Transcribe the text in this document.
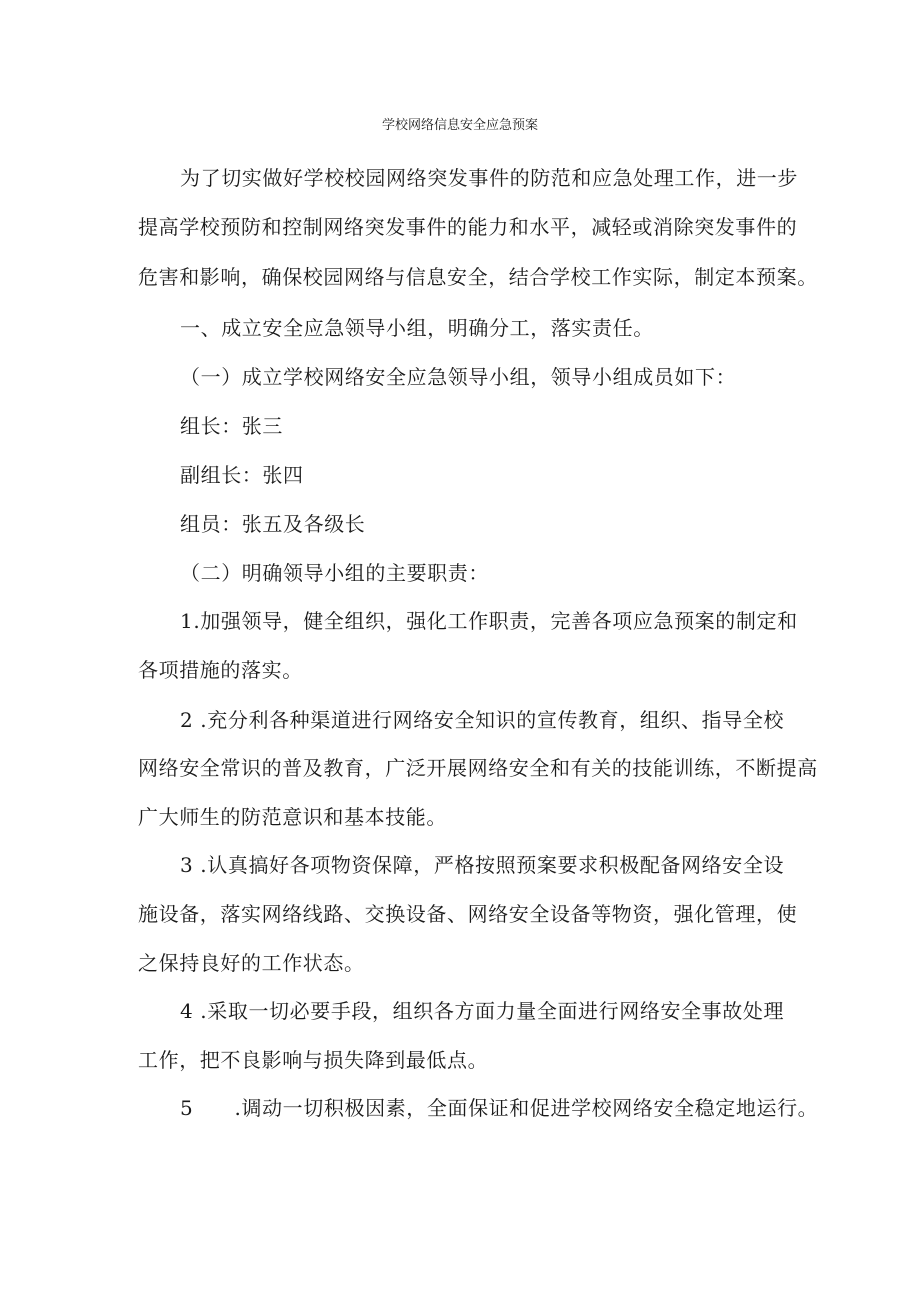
学校网络信息安全应急预案
为了切实做好学校校园网络突发事件的防范和应急处理工作，进一步
提高学校预防和控制网络突发事件的能力和水平，减轻或消除突发事件的
危害和影响，确保校园网络与信息安全，结合学校工作实际，制定本预案。
一、成立安全应急领导小组，明确分工，落实责任。
（一）成立学校网络安全应急领导小组，领导小组成员如下：
组长：张三
副组长：张四
组员：张五及各级长
（二）明确领导小组的主要职责：
1.加强领导，健全组织，强化工作职责，完善各项应急预案的制定和
各项措施的落实。
2 .充分利各种渠道进行网络安全知识的宣传教育，组织、指导全校
网络安全常识的普及教育，广泛开展网络安全和有关的技能训练，不断提高
广大师生的防范意识和基本技能。
3 .认真搞好各项物资保障，严格按照预案要求积极配备网络安全设
施设备，落实网络线路、交换设备、网络安全设备等物资，强化管理，使
之保持良好的工作状态。
4 .采取一切必要手段，组织各方面力量全面进行网络安全事故处理
工作，把不良影响与损失降到最低点。
5　　.调动一切积极因素，全面保证和促进学校网络安全稳定地运行。
